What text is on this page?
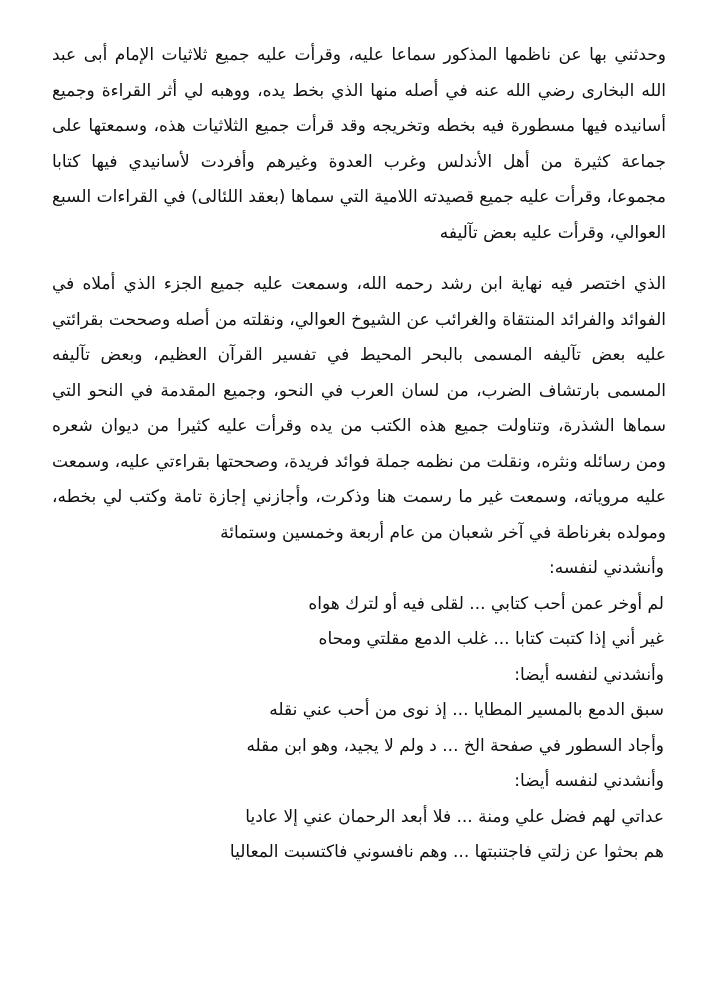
وحدثني بها عن ناظمها المذكور سماعا عليه، وقرأت عليه جميع ثلاثيات الإمام أبى عبد الله البخارى رضي الله عنه في أصله منها الذي بخط يده، ووهبه لي أثر القراءة وجميع أسانيده فيها مسطورة فيه بخطه وتخريجه وقد قرأت جميع الثلاثيات هذه، وسمعتها على جماعة كثيرة من أهل الأندلس وغرب العدوة وغيرهم وأفردت لأسانيدي فيها كتابا مجموعا، وقرأت عليه جميع قصيدته اللامية التي سماها (بعقد اللئالى) في القراءات السبع العوالي، وقرأت عليه بعض تآليفه

الذي اختصر فيه نهاية ابن رشد رحمه الله، وسمعت عليه جميع الجزء الذي أملاه في الفوائد والفرائد المنتقاة والغرائب عن الشيوخ العوالي، ونقلته من أصله وصححت بقرائتي عليه بعض تآليفه المسمى بالبحر المحيط في تفسير القرآن العظيم، وبعض تآليفه المسمى بارتشاف الضرب، من لسان العرب في النحو، وجميع المقدمة في النحو التي سماها الشذرة، وتناولت جميع هذه الكتب من يده وقرأت عليه كثيرا من ديوان شعره ومن رسائله ونثره، ونقلت من نظمه جملة فوائد فريدة، وصححتها بقراءتي عليه، وسمعت عليه مروياته، وسمعت غير ما رسمت هنا وذكرت، وأجازني إجازة تامة وكتب لي بخطه، ومولده بغرناطة في آخر شعبان من عام أربعة وخمسين وستمائة

وأنشدني لنفسه:

لم أوخر عمن أحب كتابي ... لقلى فيه أو لترك هواه

غير أني إذا كتبت كتابا ... غلب الدمع مقلتي ومحاه

وأنشدني لنفسه أيضا:

سبق الدمع بالمسير المطايا ... إذ نوى من أحب عني نقله

وأجاد السطور في صفحة الخ ... د ولم لا يجيد، وهو ابن مقله

وأنشدني لنفسه أيضا:

عداتي لهم فضل علي ومنة ... فلا أبعد الرحمان عني إلا عاديا

هم بحثوا عن زلتي فاجتنبتها ... وهم نافسوني فاكتسبت المعاليا
